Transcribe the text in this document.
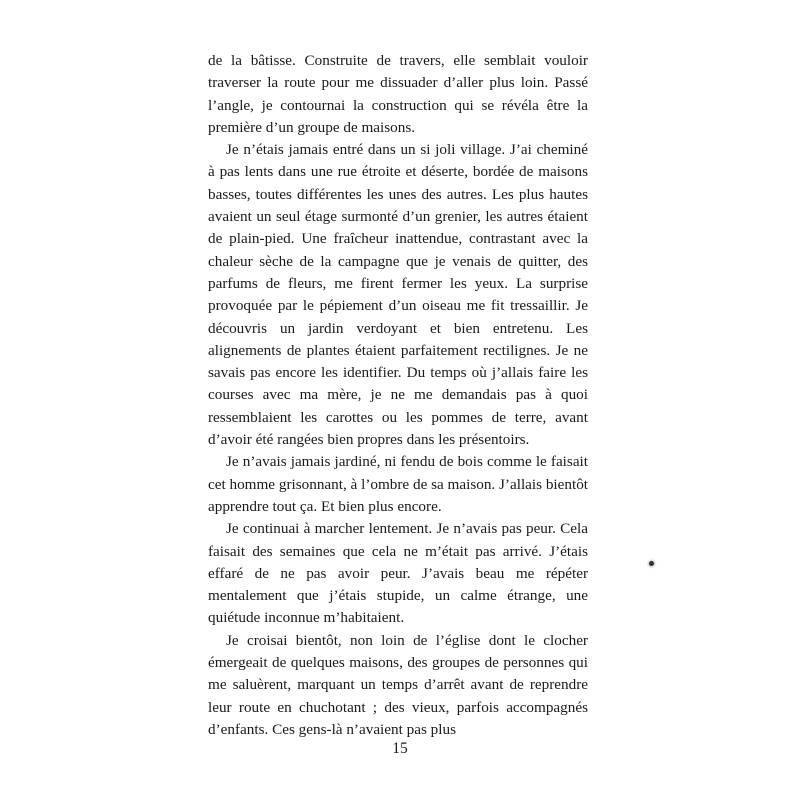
de la bâtisse. Construite de travers, elle semblait vouloir traverser la route pour me dissuader d’aller plus loin. Passé l’angle, je contournai la construction qui se révéla être la première d’un groupe de maisons.

Je n’étais jamais entré dans un si joli village. J’ai cheminé à pas lents dans une rue étroite et déserte, bordée de maisons basses, toutes différentes les unes des autres. Les plus hautes avaient un seul étage surmonté d’un grenier, les autres étaient de plain-pied. Une fraîcheur inattendue, contrastant avec la chaleur sèche de la campagne que je venais de quitter, des parfums de fleurs, me firent fermer les yeux. La surprise provoquée par le pépiement d’un oiseau me fit tressaillir. Je découvris un jardin verdoyant et bien entretenu. Les alignements de plantes étaient parfaitement rectilignes. Je ne savais pas encore les identifier. Du temps où j’allais faire les courses avec ma mère, je ne me demandais pas à quoi ressemblaient les carottes ou les pommes de terre, avant d’avoir été rangées bien propres dans les présentoirs.

Je n’avais jamais jardiné, ni fendu de bois comme le faisait cet homme grisonnant, à l’ombre de sa maison. J’allais bientôt apprendre tout ça. Et bien plus encore.

Je continuai à marcher lentement. Je n’avais pas peur. Cela faisait des semaines que cela ne m’était pas arrivé. J’étais effaré de ne pas avoir peur. J’avais beau me répéter mentalement que j’étais stupide, un calme étrange, une quiétude inconnue m’habitaient.

Je croisai bientôt, non loin de l’église dont le clocher émergeait de quelques maisons, des groupes de personnes qui me saluèrent, marquant un temps d’arrêt avant de reprendre leur route en chuchotant ; des vieux, parfois accompagnés d’enfants. Ces gens-là n’avaient pas plus

15
